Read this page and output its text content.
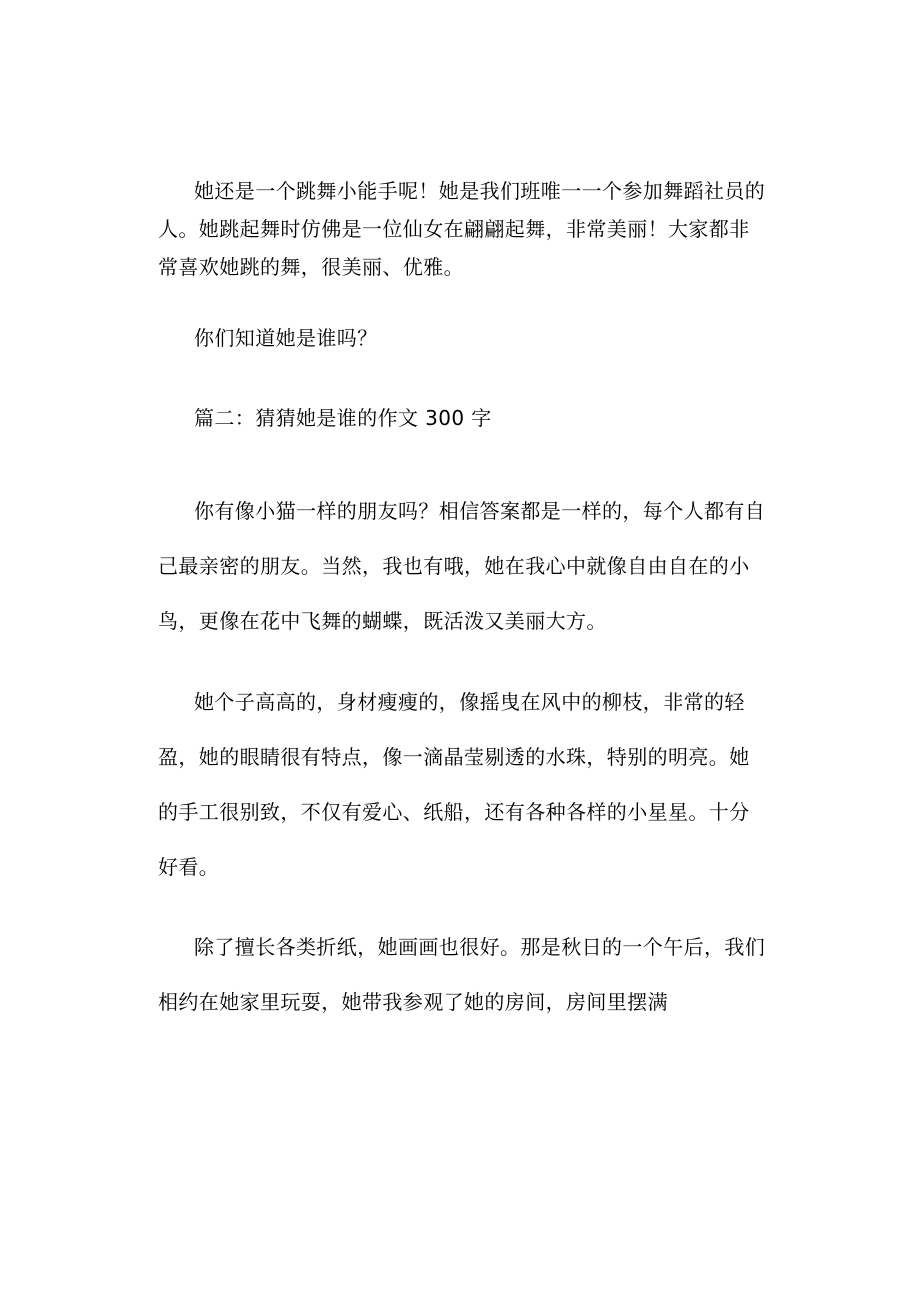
她还是一个跳舞小能手呢！她是我们班唯一一个参加舞蹈社员的人。她跳起舞时仿佛是一位仙女在翩翩起舞，非常美丽！大家都非常喜欢她跳的舞，很美丽、优雅。

你们知道她是谁吗？

篇二：猜猜她是谁的作文 300 字

你有像小猫一样的朋友吗？相信答案都是一样的，每个人都有自己最亲密的朋友。当然，我也有哦，她在我心中就像自由自在的小鸟，更像在花中飞舞的蝴蝶，既活泼又美丽大方。

她个子高高的，身材瘦瘦的，像摇曳在风中的柳枝，非常的轻盈，她的眼睛很有特点，像一滴晶莹剔透的水珠，特别的明亮。她的手工很别致，不仅有爱心、纸船，还有各种各样的小星星。十分好看。

除了擅长各类折纸，她画画也很好。那是秋日的一个午后，我们相约在她家里玩耍，她带我参观了她的房间，房间里摆满
